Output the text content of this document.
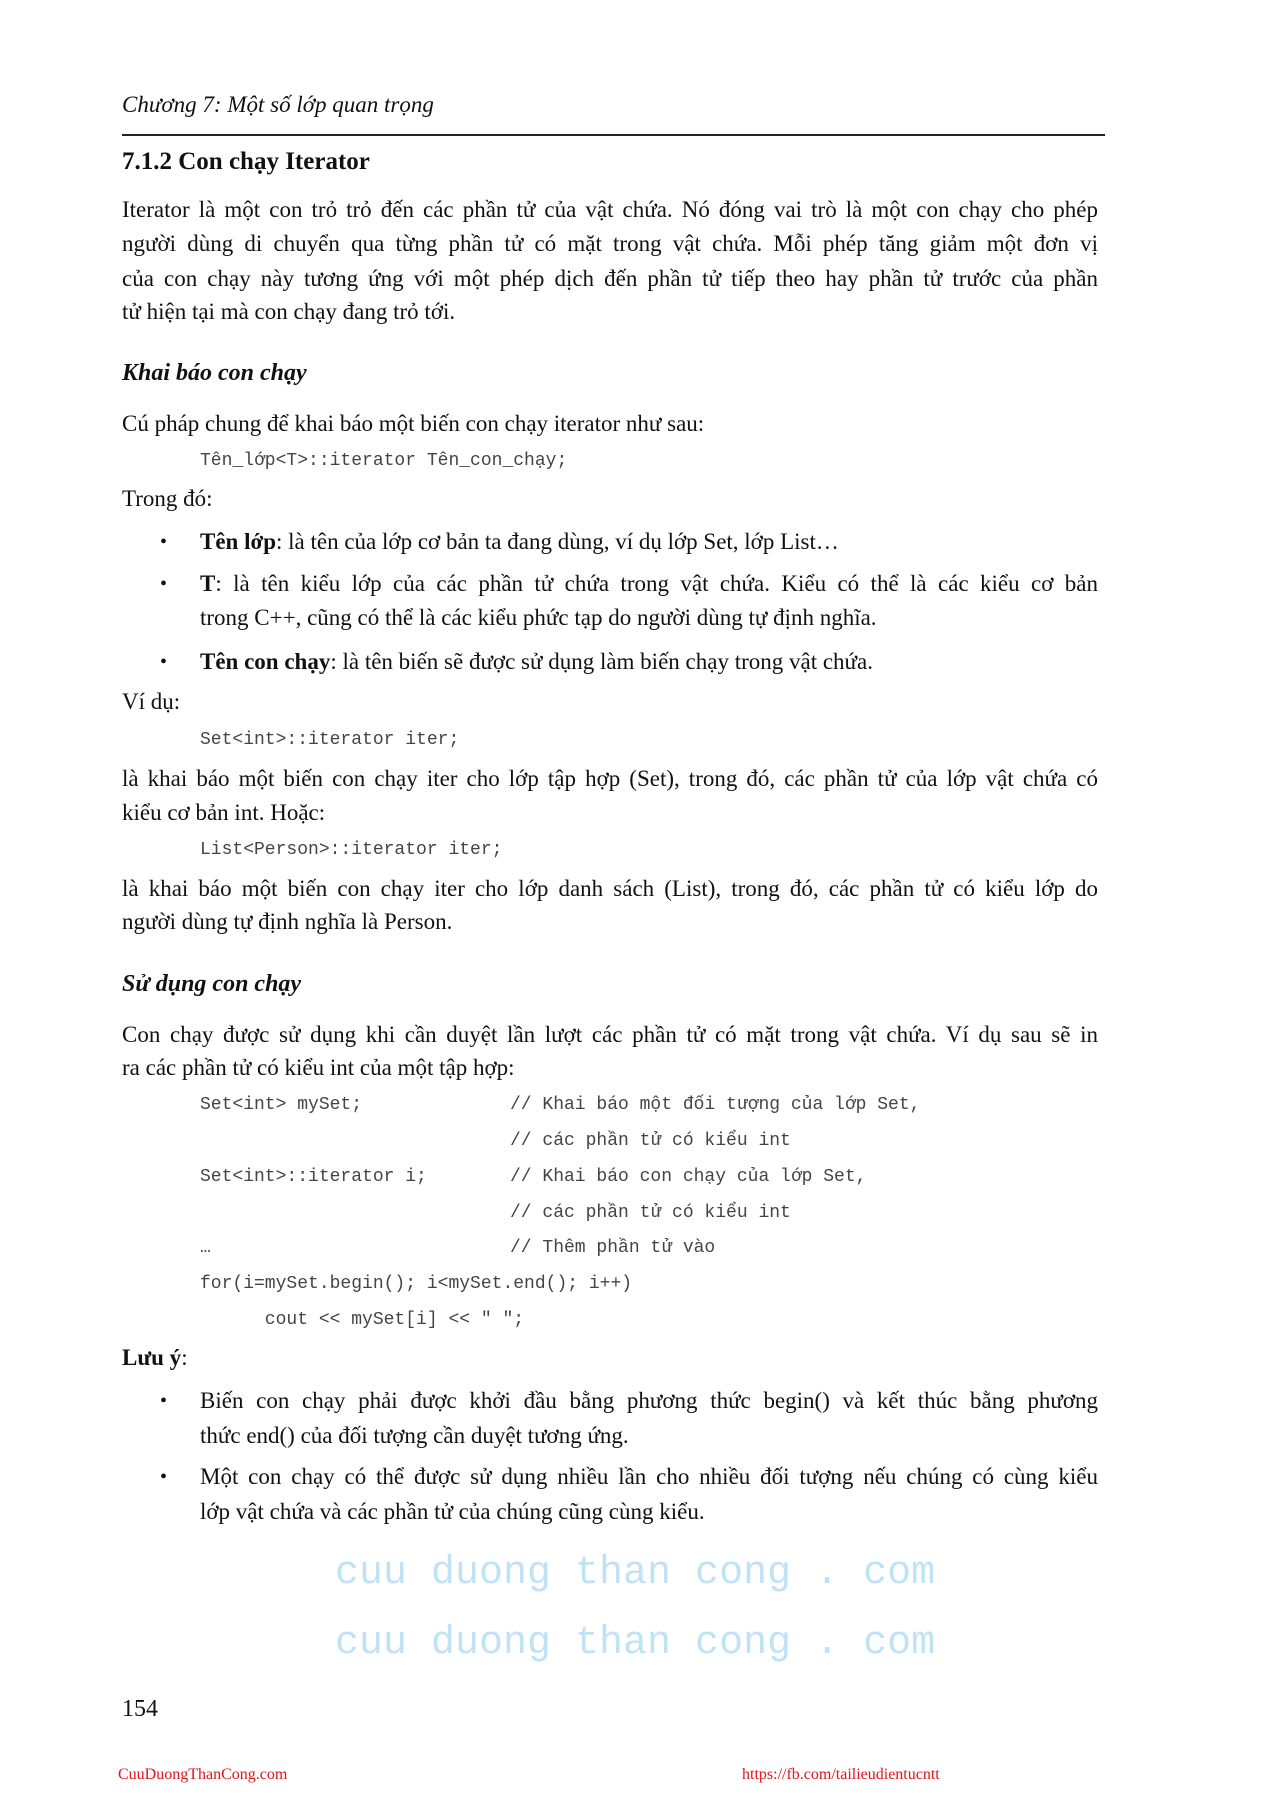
cuu duong than cong . com
cuu duong than cong . com
Chương 7: Một số lớp quan trọng
7.1.2 Con chạy Iterator
Iterator là một con trỏ trỏ đến các phần tử của vật chứa. Nó đóng vai trò là một con chạy cho phép
người dùng di chuyển qua từng phần tử có mặt trong vật chứa. Mỗi phép tăng giảm một đơn vị
của con chạy này tương ứng với một phép dịch đến phần tử tiếp theo hay phần tử trước của phần
tử hiện tại mà con chạy đang trỏ tới.
Khai báo con chạy
Cú pháp chung để khai báo một biến con chạy iterator như sau:
Tên_lớp<T>::iterator Tên_con_chạy;
Trong đó:
• Tên lớp: là tên của lớp cơ bản ta đang dùng, ví dụ lớp Set, lớp List…
• T: là tên kiểu lớp của các phần tử chứa trong vật chứa. Kiểu có thể là các kiểu cơ bản
trong C++, cũng có thể là các kiểu phức tạp do người dùng tự định nghĩa.
• Tên con chạy: là tên biến sẽ được sử dụng làm biến chạy trong vật chứa.
Ví dụ:
Set<int>::iterator iter;
là khai báo một biến con chạy iter cho lớp tập hợp (Set), trong đó, các phần tử của lớp vật chứa có
kiểu cơ bản int. Hoặc:
List<Person>::iterator iter;
là khai báo một biến con chạy iter cho lớp danh sách (List), trong đó, các phần tử có kiểu lớp do
người dùng tự định nghĩa là Person.
Sử dụng con chạy
Con chạy được sử dụng khi cần duyệt lần lượt các phần tử có mặt trong vật chứa. Ví dụ sau sẽ in
ra các phần tử có kiểu int của một tập hợp:
Set<int> mySet;	// Khai báo một đối tượng của lớp Set,
// các phần tử có kiểu int
Set<int>::iterator i;	// Khai báo con chạy của lớp Set,
// các phần tử có kiểu int
…	// Thêm phần tử vào
for(i=mySet.begin(); i<mySet.end(); i++)
cout << mySet[i] << " ";
Lưu ý:
• Biến con chạy phải được khởi đầu bằng phương thức begin() và kết thúc bằng phương
thức end() của đối tượng cần duyệt tương ứng.
• Một con chạy có thể được sử dụng nhiều lần cho nhiều đối tượng nếu chúng có cùng kiểu
lớp vật chứa và các phần tử của chúng cũng cùng kiểu.
154
CuuDuongThanCong.com	https://fb.com/tailieudientucntt
